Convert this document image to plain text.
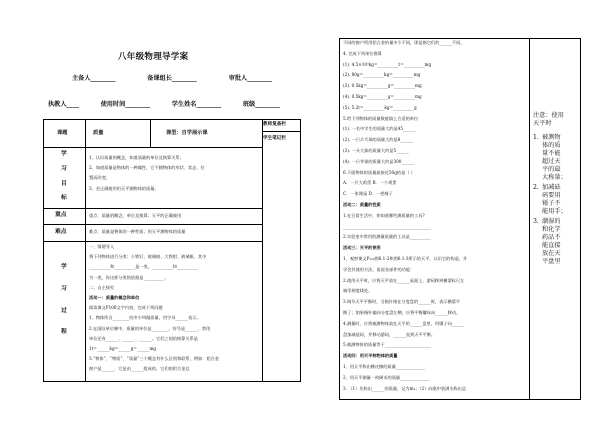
八年级物理导学案
主备人________	备课组长________	审批人________
执教人____	使用时间________	学生姓名________	班级________
课题	质量	课型：自学展示课
教师复备栏
学生笔记栏
学
习
目
标
1、认识质量的概念，知道质量的单位及换算关系；
2、知道质量是物体的一种属性，它不随物体的形状、状态、位
置而改变；
3、会正确使用用天平测物体的质量。
重点	重点：质量的概念、单位及换算；天平的正确使用
难点	难点：质量是物体的一种性质；用天平测物体的质量
学
习
过
程
一、情境导入
将下列物体进行分类：小铁钉、玻璃窗、大铁钳、玻璃瓶、其中
__________和__________是一类，__________和__________
为一类，你这样分类的依据是__________。
二、自主探究
活动一：质量的概念和单位
阅读课文P108文字内容，完成下列问题
1、物体所含________的多少叫做质量，用字母______表示。
2.在国际单位制中，质量的单位是________，符号是______，常用
单位还有______、______、______。它们之间的换算关系是
1t=______kg=______g=______mg
3.“物体”、“物质”、“质量”三个概念有什么区别和联系，例如：铝合金
窗户是______，它是由______组成的，它们的铝合金总
不同的窗户所用铝合金的量多少不同，即是指它们的______不同。
4. 完成下列单位换算
(1). 4.5×10⁵kg=__________t=__________mg
(2). 80g=__________kg=__________mg
(3). 0.5kg=__________g=__________mg
(4). 0.5kg=__________g=__________mg
(5). 5.2t=__________kg=__________g
5.给下列物体的质量数值填上合适的单位
(1). 一名中学生的质量大约是45______
(2). 一只乒乓球的质量大约是8______
(3). 一头大象的质量大约是5______
(4). 一只苹果的质量大约是300______
6.下面物体的质量最接近50g的是（ ）
A．一只大鸡蛋 B．一个鸡蛋
C．一张课桌 D．一把椅子
活动二：质量的性质
1.在日常生活中，你知道哪些测质量的工具?
__________________________________________
2.实验室中常用的测量质量的工具是__________
活动三：天平的使用
1、观察课文P₁₁₀图6.1-2和图6.1-3所示的天平，认识它的构造，并
学会其使用方法，说说各部件的功能：
2.使用天平时，应将天平放在______桌面上，游码移到横梁标尺左
端零刻度线处。
3.调节天平平衡时，当指针指在分度盘的______时，表示横梁平
衡了；如果指针偏向分度盘左侧，应将平衡螺母向______移动。
4.测量时，应将被测物体放在天平的______盘里，用镊子向______
盘加减砝码，并移动游码，______直到天平平衡。
5.被测物体的质量等于______________________
活动四：用天平称物体的质量
1、用天平称出橡皮擦的质量______________
2、用天平测量一枚硬币的质量______________
3. （1）先称出______的质量，记为m₁；（2）向瓶中装满水称出总
注意：使用
天平时
1. 被测物
体的质
量不能
超过天
平的最
大称量；
2. 加减砝
码要用
镊子不
能用手；
3. 潮湿的
和化学
药品不
能直接
放在天
平盘里
